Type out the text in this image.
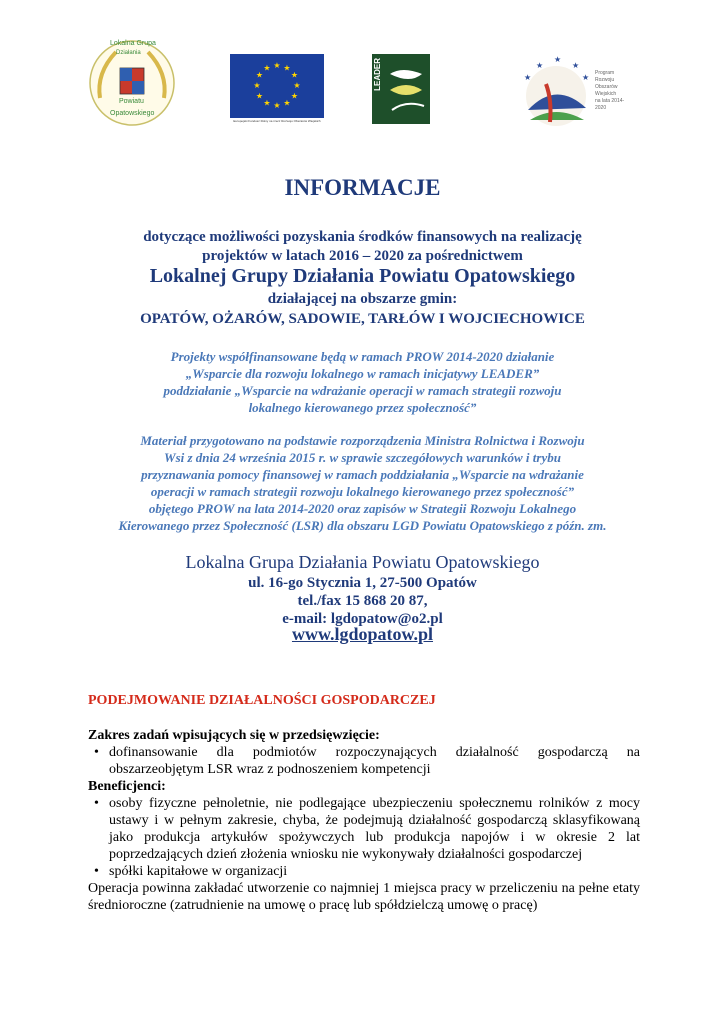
Lokalna Grupa
Działania
Powiatu
Opatowskiego
★ ★
★
★
★
★
★
★
★
★
★
★
Europejski Fundusz Rolny na rzecz Rozwoju Obszarów Wiejskich
LEADER	★
★
★
★
★ Program
Rozwoju
Obszarów
Wiejskich
na lata 2014-2020
INFORMACJE
dotyczące możliwości pozyskania środków finansowych na realizację
projektów w latach 2016 – 2020 za pośrednictwem
Lokalnej Grupy Działania Powiatu Opatowskiego
działającej na obszarze gmin:
OPATÓW, OŻARÓW, SADOWIE, TARŁÓW I WOJCIECHOWICE
Projekty współfinansowane będą w ramach PROW 2014-2020 działanie
„Wsparcie dla rozwoju lokalnego w ramach inicjatywy LEADER”
poddziałanie „Wsparcie na wdrażanie operacji w ramach strategii rozwoju
lokalnego kierowanego przez społeczność”
Materiał przygotowano na podstawie rozporządzenia Ministra Rolnictwa i Rozwoju
Wsi z dnia 24 września 2015 r. w sprawie szczegółowych warunków i trybu
przyznawania pomocy finansowej w ramach poddziałania „Wsparcie na wdrażanie
operacji w ramach strategii rozwoju lokalnego kierowanego przez społeczność”
objętego PROW na lata 2014-2020 oraz zapisów w Strategii Rozwoju Lokalnego
Kierowanego przez Społeczność (LSR) dla obszaru LGD Powiatu Opatowskiego z późn. zm.
Lokalna Grupa Działania Powiatu Opatowskiego
ul. 16-go Stycznia 1, 27-500 Opatów
tel./fax 15 868 20 87,
e-mail: lgdopatow@o2.pl
www.lgdopatow.pl
PODEJMOWANIE DZIAŁALNOŚCI GOSPODARCZEJ
Zakres zadań wpisujących się w przedsięwzięcie:
• dofinansowanie dla podmiotów rozpoczynających działalność gospodarczą na obszarzeobjętym LSR wraz z podnoszeniem kompetencji
Beneficjenci:
• osoby fizyczne pełnoletnie, nie podlegające ubezpieczeniu społecznemu rolników z mocy ustawy i w pełnym zakresie, chyba, że podejmują działalność gospodarczą sklasyfikowaną jako produkcja artykułów spożywczych lub produkcja napojów i w okresie 2 lat poprzedzających dzień złożenia wniosku nie wykonywały działalności gospodarczej
• spółki kapitałowe w organizacji
Operacja powinna zakładać utworzenie co najmniej 1 miejsca pracy w przeliczeniu na pełne etaty średnioroczne (zatrudnienie na umowę o pracę lub spółdzielczą umowę o pracę)
